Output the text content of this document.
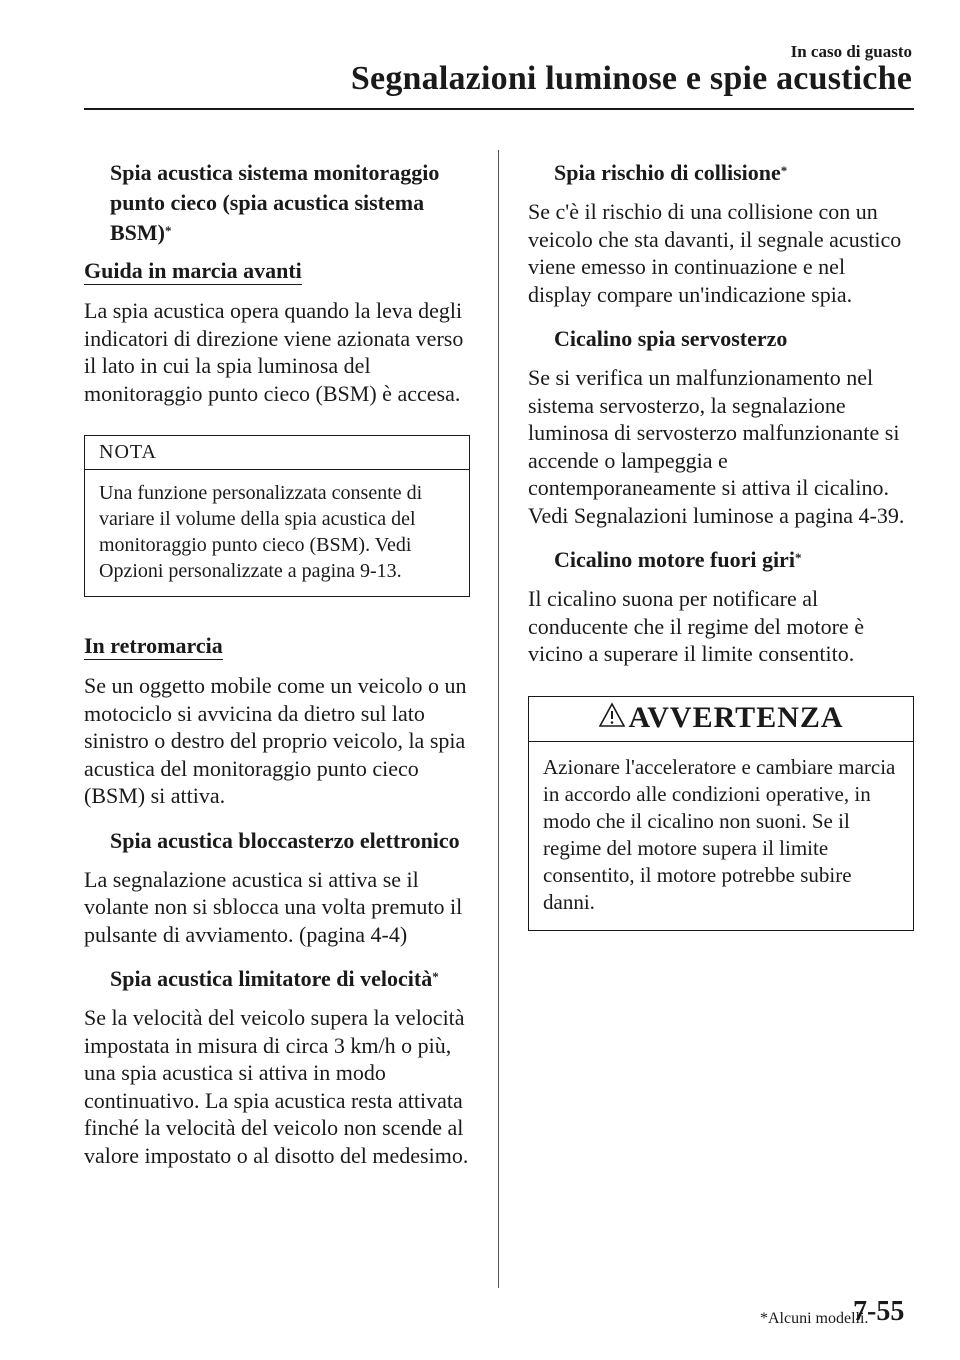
In caso di guasto
Segnalazioni luminose e spie acustiche
Spia acustica sistema monitoraggio punto cieco (spia acustica sistema BSM)*
Guida in marcia avanti

La spia acustica opera quando la leva degli indicatori di direzione viene azionata verso il lato in cui la spia luminosa del monitoraggio punto cieco (BSM) è accesa.

NOTA

Una funzione personalizzata consente di variare il volume della spia acustica del monitoraggio punto cieco (BSM). Vedi Opzioni personalizzate a pagina 9-13.

In retromarcia

Se un oggetto mobile come un veicolo o un motociclo si avvicina da dietro sul lato sinistro o destro del proprio veicolo, la spia acustica del monitoraggio punto cieco (BSM) si attiva.

Spia acustica bloccasterzo elettronico

La segnalazione acustica si attiva se il volante non si sblocca una volta premuto il pulsante di avviamento. (pagina 4-4)

Spia acustica limitatore di velocità*

Se la velocità del veicolo supera la velocità impostata in misura di circa 3 km/h o più, una spia acustica si attiva in modo continuativo. La spia acustica resta attivata finché la velocità del veicolo non scende al valore impostato o al disotto del medesimo.

Spia rischio di collisione*

Se c'è il rischio di una collisione con un veicolo che sta davanti, il segnale acustico viene emesso in continuazione e nel display compare un'indicazione spia.

Cicalino spia servosterzo

Se si verifica un malfunzionamento nel sistema servosterzo, la segnalazione luminosa di servosterzo malfunzionante si accende o lampeggia e contemporaneamente si attiva il cicalino. Vedi Segnalazioni luminose a pagina 4-39.

Cicalino motore fuori giri*

Il cicalino suona per notificare al conducente che il regime del motore è vicino a superare il limite consentito.

AVVERTENZA

Azionare l'acceleratore e cambiare marcia in accordo alle condizioni operative, in modo che il cicalino non suoni. Se il regime del motore supera il limite consentito, il motore potrebbe subire danni.

*Alcuni modelli.
7-55
